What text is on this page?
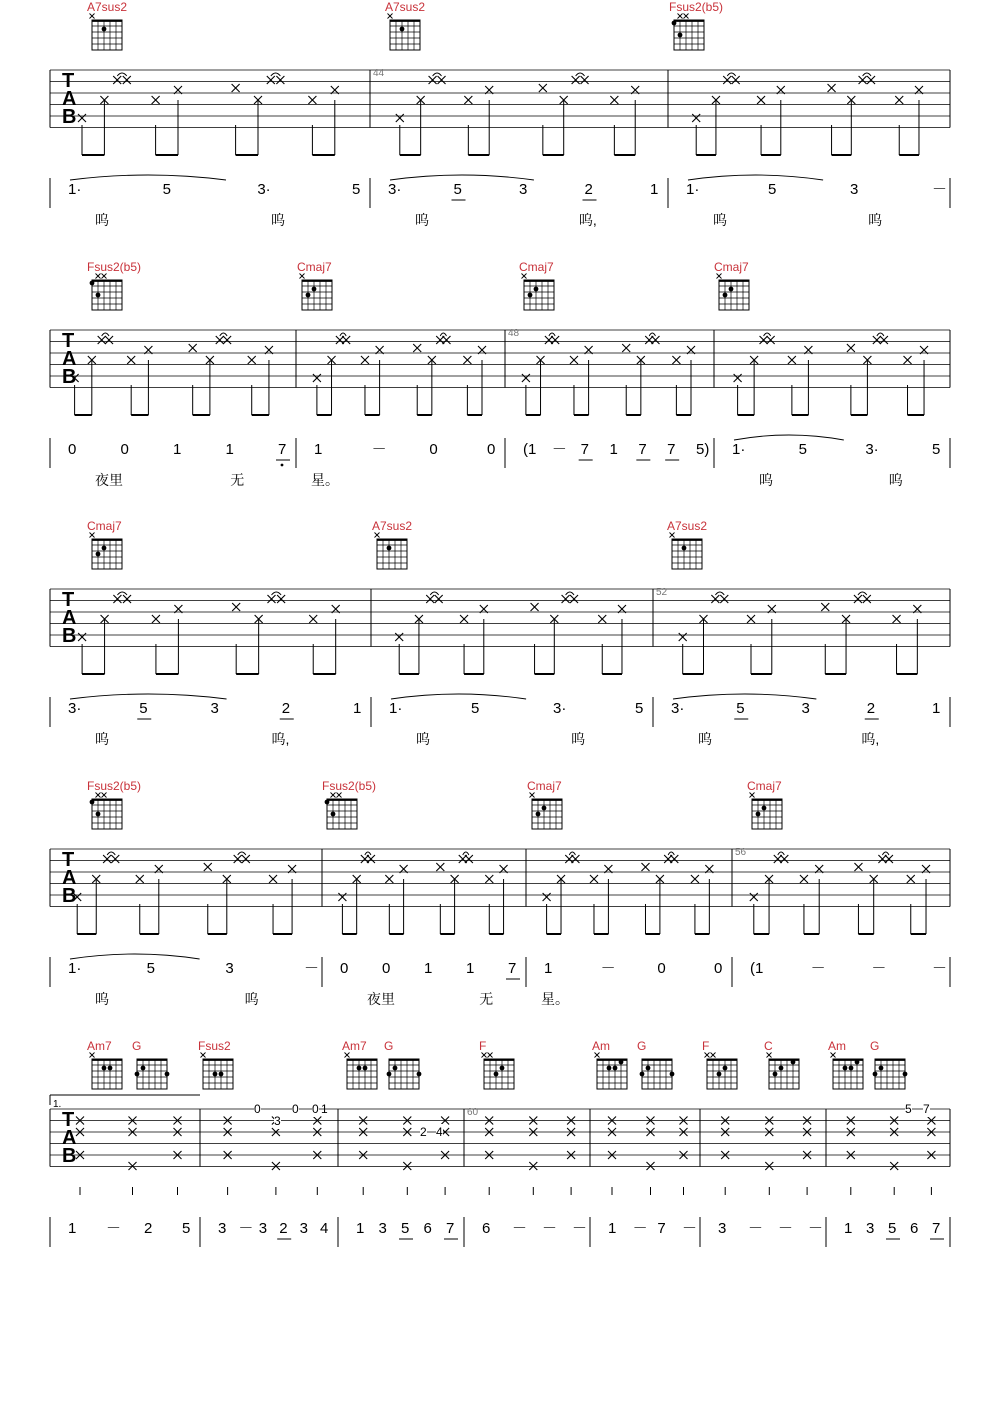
T
A
B
A7sus2	A7sus2	Fsus2(b5)
44
1·	5	3·	5 3·	5	3	2	1 1·	5	3	－
呜	呜	呜	呜,	呜	呜
T
A
B
Fsus2(b5)	Cmaj7	Cmaj7	Cmaj7
48
0	0	1	1	7 1	－	0	0 (1 － 7 1 7 7 5) 1·	5	3·	5
夜里	无	星。	呜	呜
T
A
B
Cmaj7	A7sus2	A7sus2
52
3·	5	3	2	1 1·	5	3·	5 3·	5	3	2	1
呜	呜,	呜	呜	呜	呜,
T
A
B
Fsus2(b5)	Fsus2(b5)	Cmaj7	Cmaj7
56
1·	5	3	－ 0 0 1 1 7 1	－	0	0 (1	－	－	－
呜	呜	夜里	无	星。
T
A
B
Am7 G	Fsus2	Am7 G	F	Am G	F	C	Am G
60
1.	0
3
0 0
2 4
5 7
1
1 － 2 5 3 － 3 2 3 4 1 3 5 6 7 6 － － － 1 － 7 － 3 － － － 1 3 5 6 7
